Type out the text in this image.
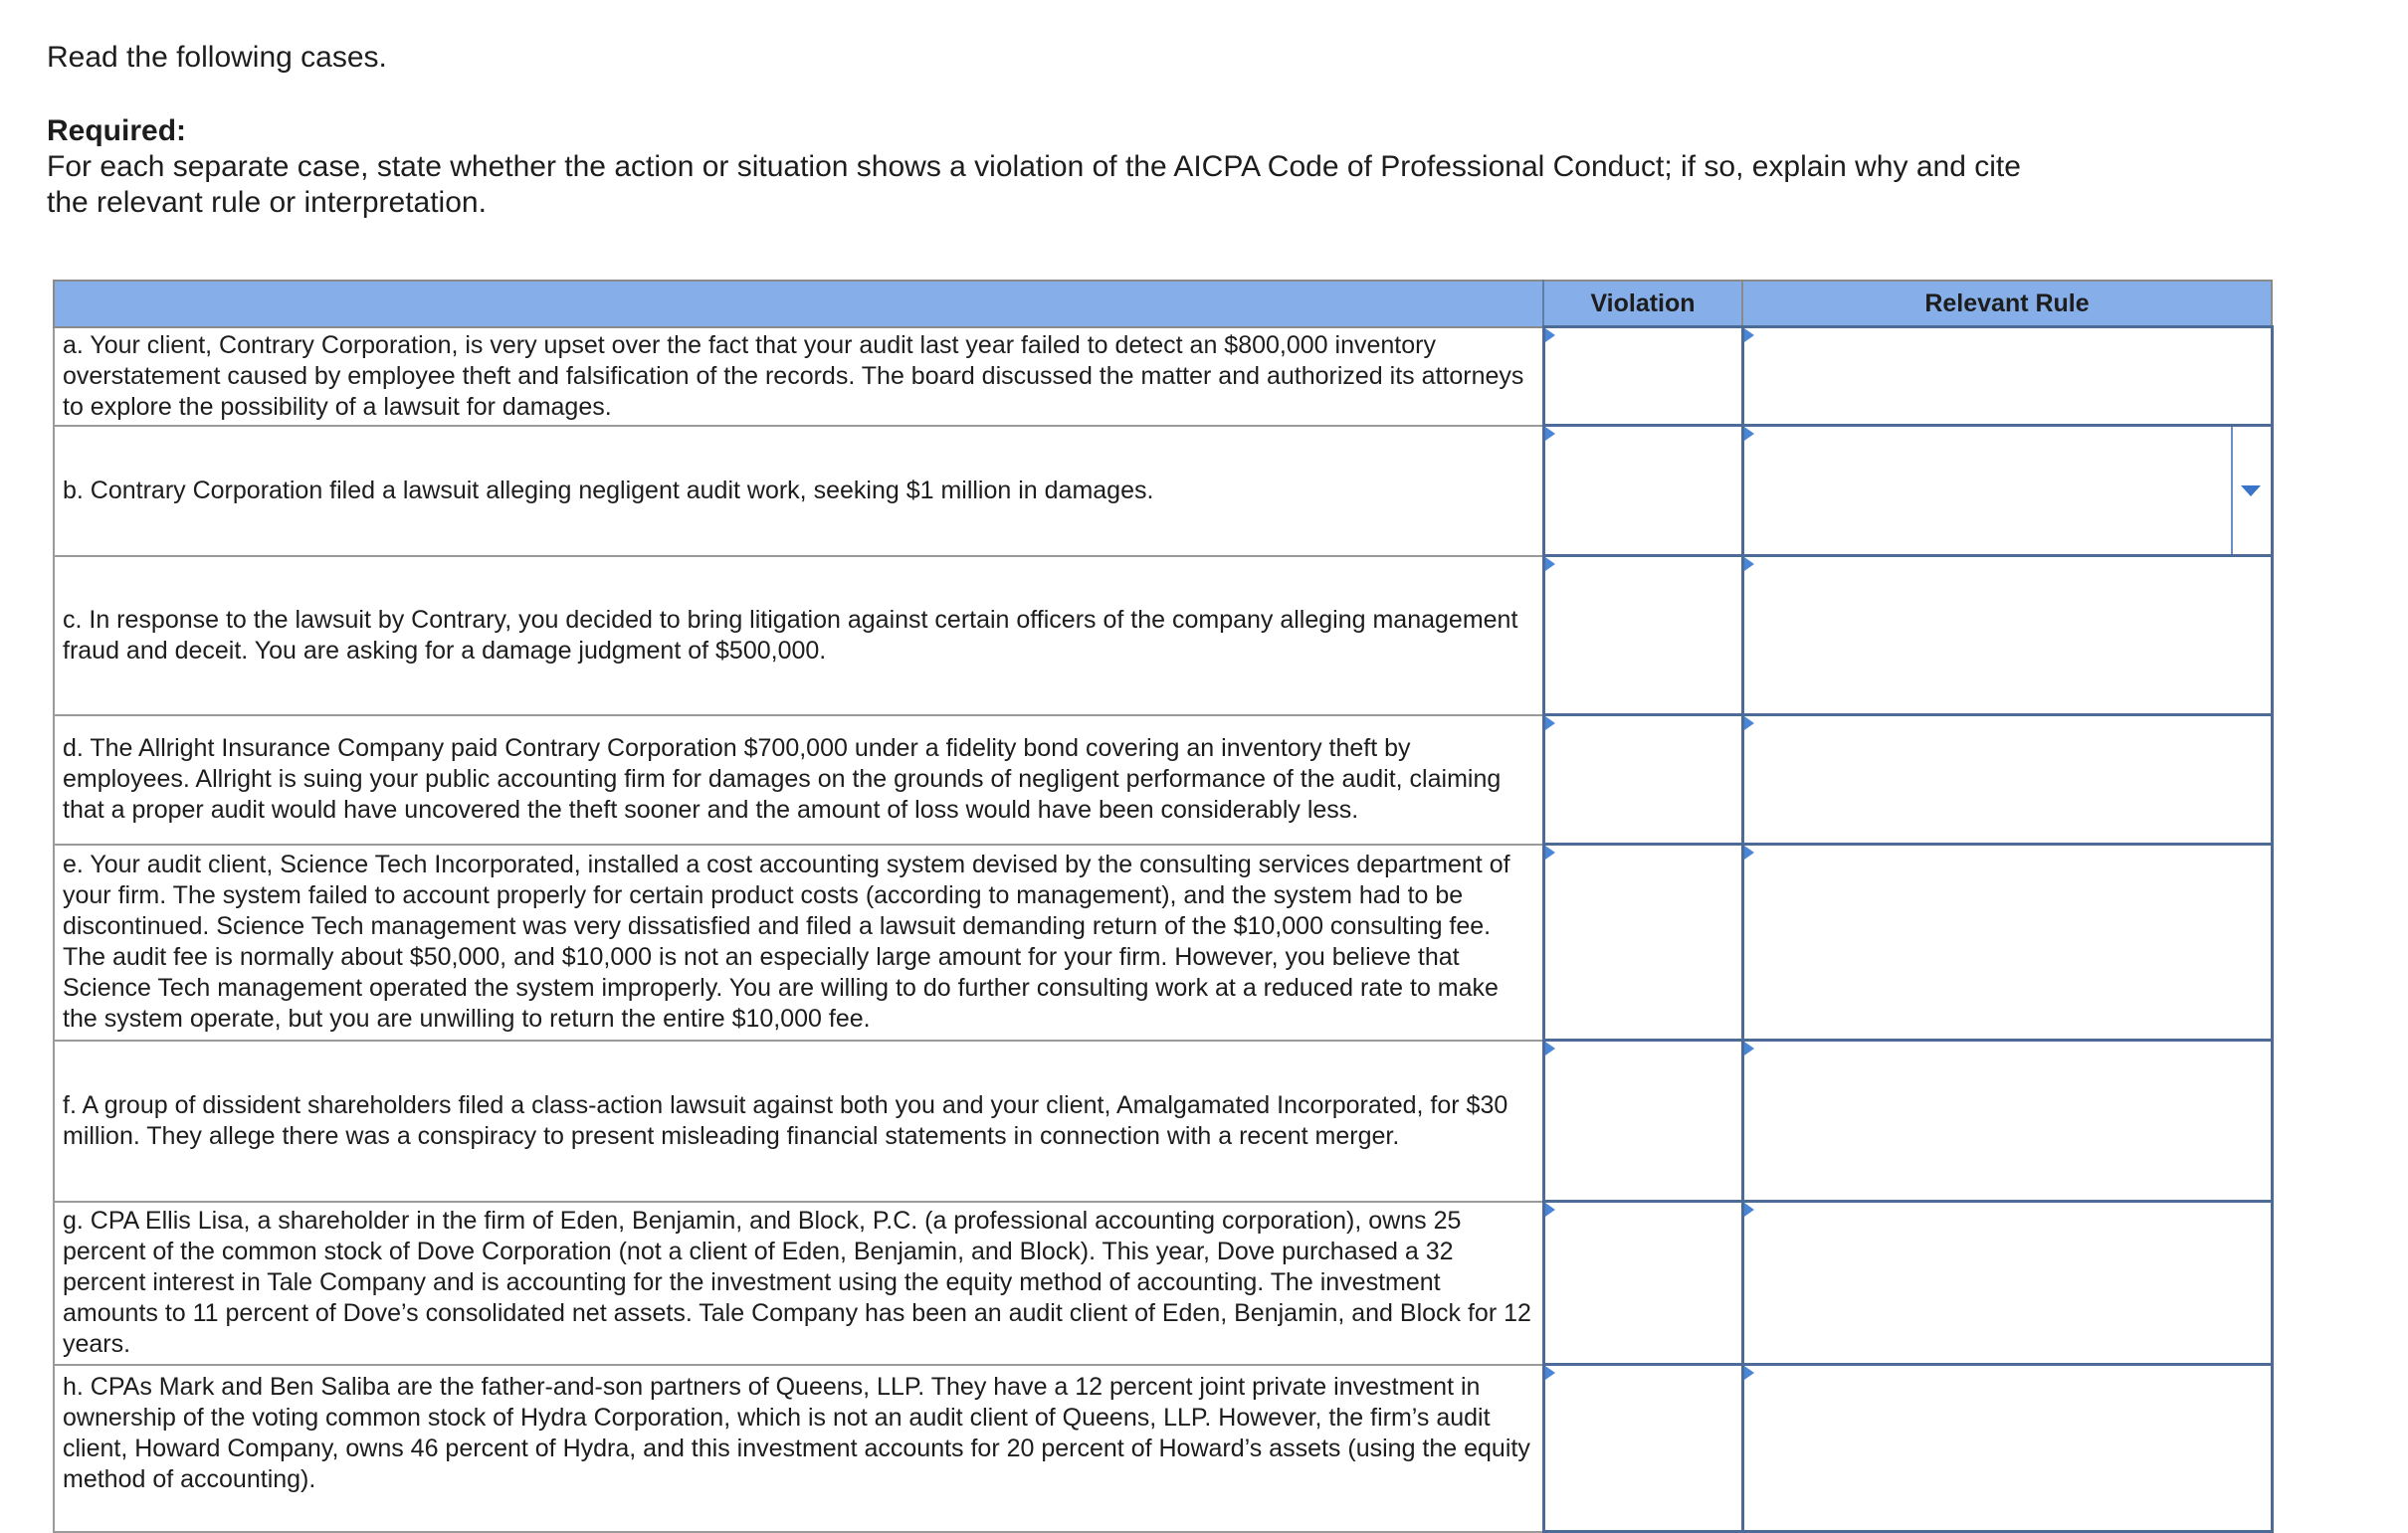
Read the following cases.

Required:

For each separate case, state whether the action or situation shows a violation of the AICPA Code of Professional Conduct; if so, explain why and cite the relevant rule or interpretation.

	Violation	Relevant Rule
a. Your client, Contrary Corporation, is very upset over the fact that your audit last year failed to detect an $800,000 inventory overstatement caused by employee theft and falsification of the records. The board discussed the matter and authorized its attorneys to explore the possibility of a lawsuit for damages.	

b. Contrary Corporation filed a lawsuit alleging negligent audit work, seeking $1 million in damages.	

c. In response to the lawsuit by Contrary, you decided to bring litigation against certain officers of the company alleging management fraud and deceit. You are asking for a damage judgment of $500,000.	

d. The Allright Insurance Company paid Contrary Corporation $700,000 under a fidelity bond covering an inventory theft by employees. Allright is suing your public accounting firm for damages on the grounds of negligent performance of the audit, claiming that a proper audit would have uncovered the theft sooner and the amount of loss would have been considerably less.	

e. Your audit client, Science Tech Incorporated, installed a cost accounting system devised by the consulting services department of your firm. The system failed to account properly for certain product costs (according to management), and the system had to be discontinued. Science Tech management was very dissatisfied and filed a lawsuit demanding return of the $10,000 consulting fee. The audit fee is normally about $50,000, and $10,000 is not an especially large amount for your firm. However, you believe that Science Tech management operated the system improperly. You are willing to do further consulting work at a reduced rate to make the system operate, but you are unwilling to return the entire $10,000 fee.	

f. A group of dissident shareholders filed a class-action lawsuit against both you and your client, Amalgamated Incorporated, for $30 million. They allege there was a conspiracy to present misleading financial statements in connection with a recent merger.	

g. CPA Ellis Lisa, a shareholder in the firm of Eden, Benjamin, and Block, P.C. (a professional accounting corporation), owns 25 percent of the common stock of Dove Corporation (not a client of Eden, Benjamin, and Block). This year, Dove purchased a 32 percent interest in Tale Company and is accounting for the investment using the equity method of accounting. The investment amounts to 11 percent of Dove’s consolidated net assets. Tale Company has been an audit client of Eden, Benjamin, and Block for 12 years.	

h. CPAs Mark and Ben Saliba are the father-and-son partners of Queens, LLP. They have a 12 percent joint private investment in ownership of the voting common stock of Hydra Corporation, which is not an audit client of Queens, LLP. However, the firm’s audit client, Howard Company, owns 46 percent of Hydra, and this investment accounts for 20 percent of Howard’s assets (using the equity method of accounting).	
